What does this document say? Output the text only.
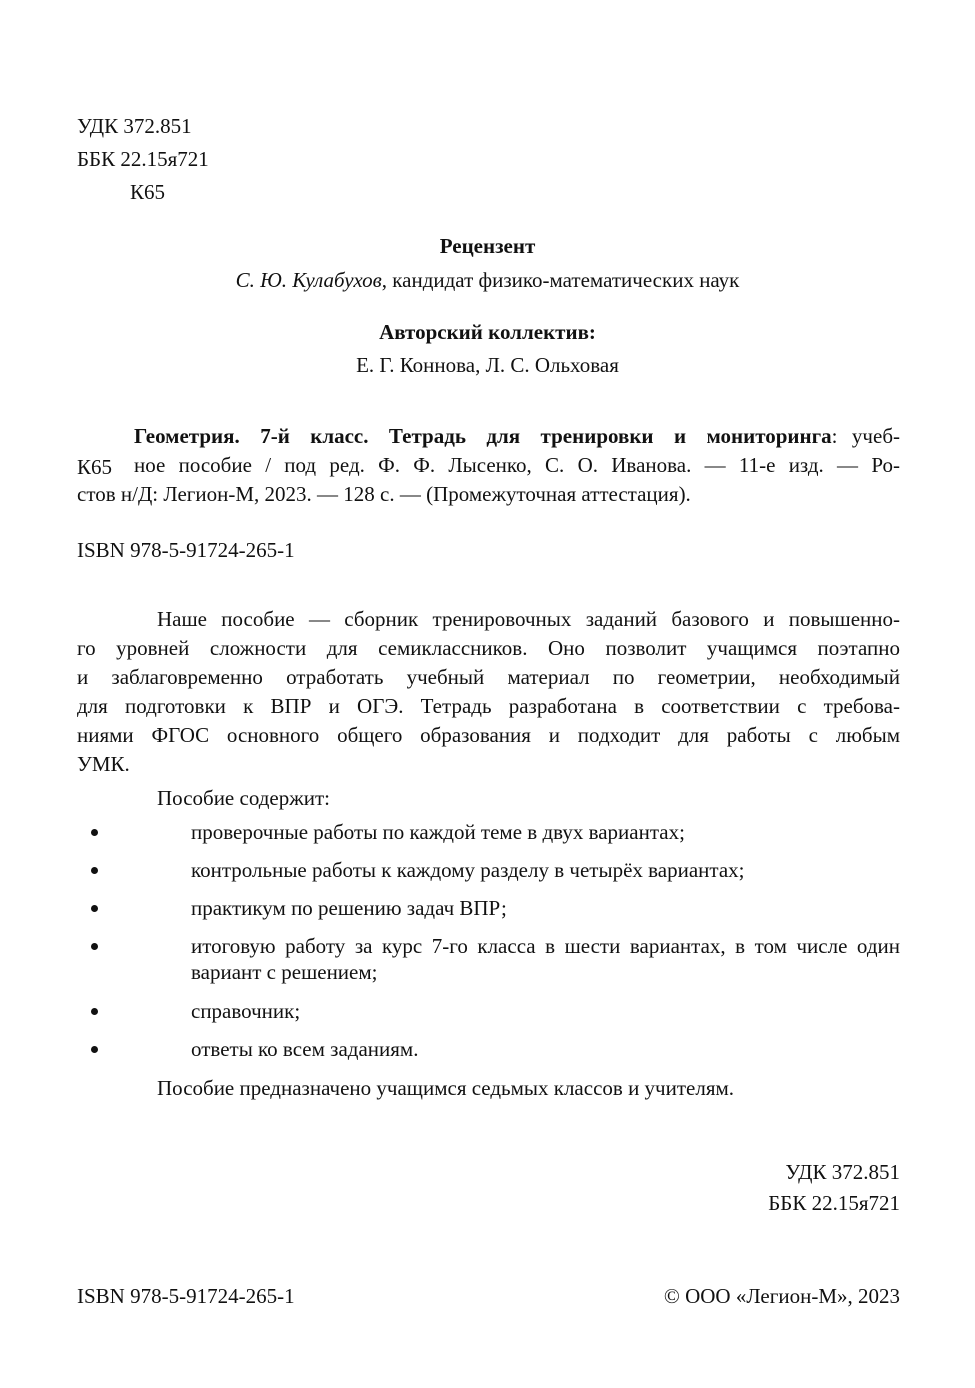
УДК 372.851
ББК 22.15я721
К65
Рецензент
С. Ю. Кулабухов, кандидат физико-математических наук
Авторский коллектив:
Е. Г. Коннова, Л. С. Ольховая
К65
Геометрия. 7-й класс. Тетрадь для тренировки и мониторинга: учеб-
ное пособие / под ред. Ф. Ф. Лысенко, С. О. Иванова. — 11-е изд. — Ро-
стов н/Д: Легион-М, 2023. — 128 с. — (Промежуточная аттестация).
ISBN 978-5-91724-265-1
Наше пособие — сборник тренировочных заданий базового и повышенно-
го уровней сложности для семиклассников. Оно позволит учащимся поэтапно
и заблаговременно отработать учебный материал по геометрии, необходимый
для подготовки к ВПР и ОГЭ. Тетрадь разработана в соответствии с требова-
ниями ФГОС основного общего образования и подходит для работы с любым
УМК.
Пособие содержит:
проверочные работы по каждой теме в двух вариантах;
контрольные работы к каждому разделу в четырёх вариантах;
практикум по решению задач ВПР;
итоговую работу за курс 7-го класса в шести вариантах, в том числе один
вариант с решением;
справочник;
ответы ко всем заданиям.
Пособие предназначено учащимся седьмых классов и учителям.
УДК 372.851
ББК 22.15я721
ISBN 978-5-91724-265-1	© ООО «Легион-М», 2023
